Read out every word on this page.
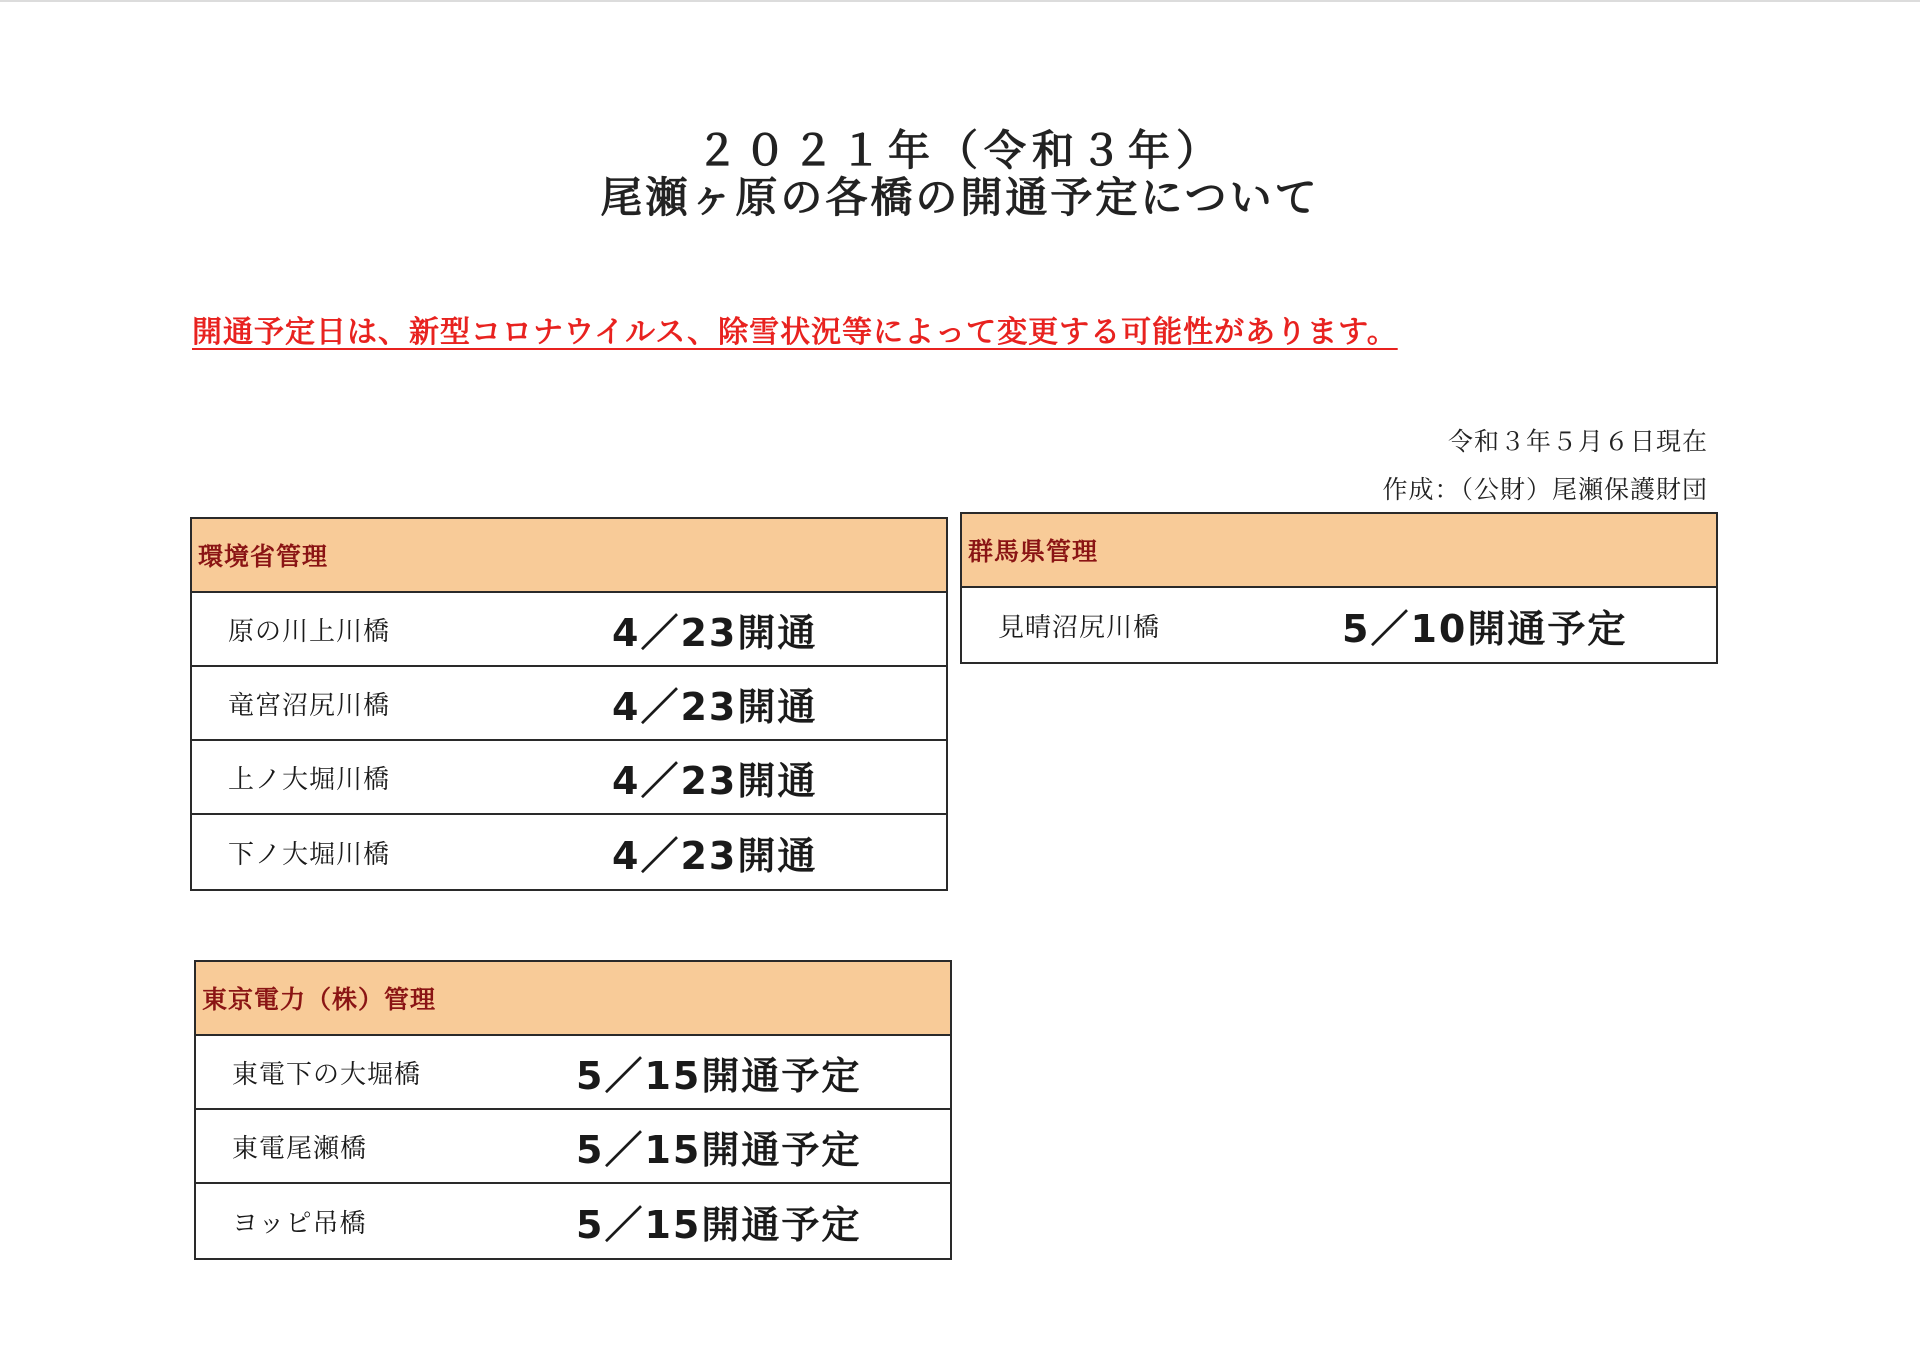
２０２１年（令和３年）
尾瀬ヶ原の各橋の開通予定について
開通予定日は、新型コロナウイルス、除雪状況等によって変更する可能性があります。
令和３年５月６日現在
作成：（公財）尾瀬保護財団
環境省管理
原の川上川橋	4／23開通
竜宮沼尻川橋	4／23開通
上ノ大堀川橋	4／23開通
下ノ大堀川橋	4／23開通
群馬県管理
見晴沼尻川橋	5／10開通予定
東京電力（株）管理
東電下の大堀橋	5／15開通予定
東電尾瀬橋	5／15開通予定
ヨッピ吊橋	5／15開通予定
